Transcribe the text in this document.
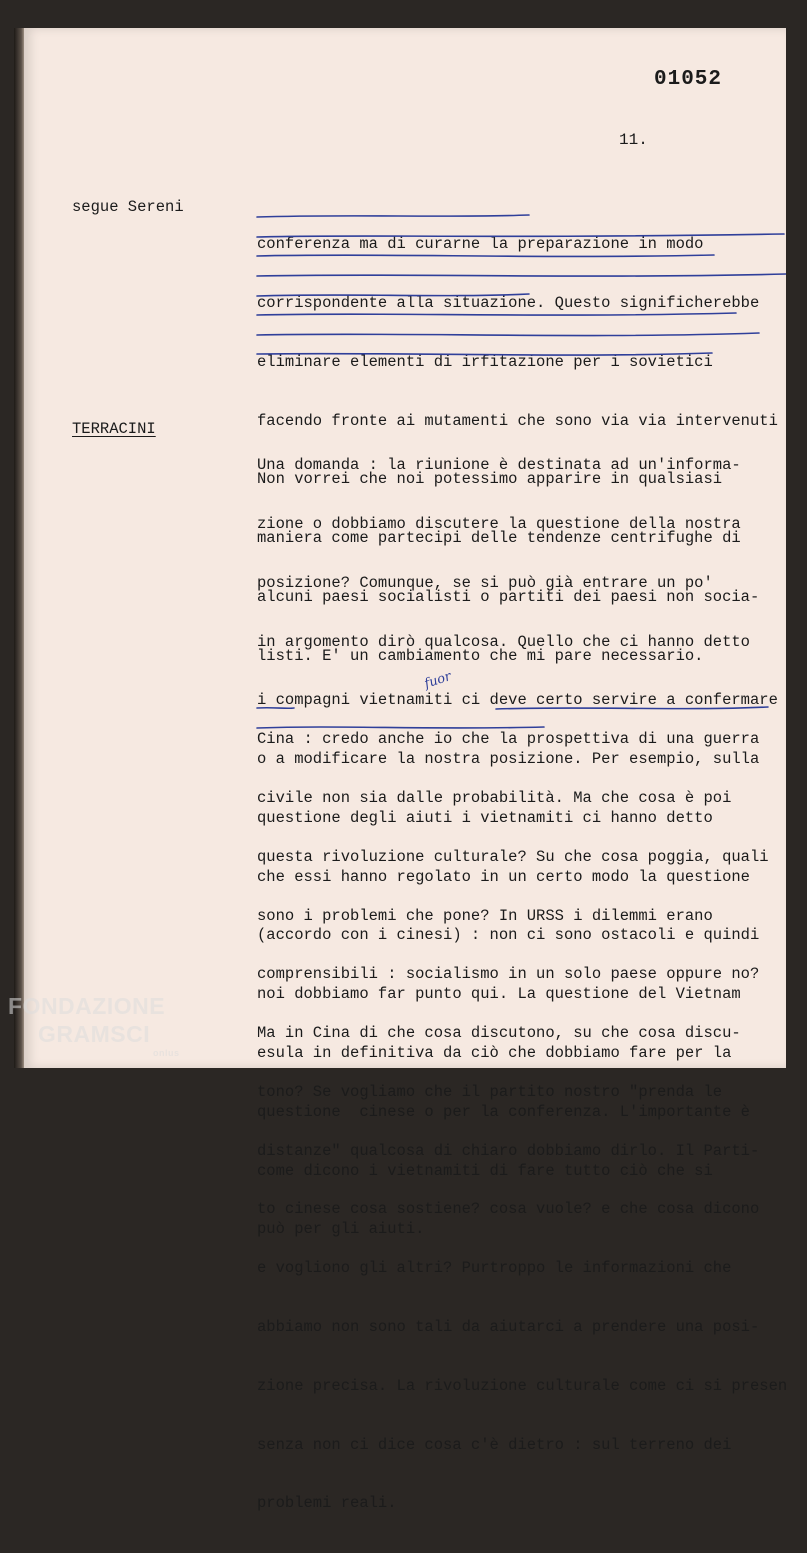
01052
11.
segue Sereni

conferenza ma di curarne la preparazione in modo

corrispondente alla situazione. Questo significherebbe

eliminare elementi di irfitazione per i sovietici

facendo fronte ai mutamenti che sono via via intervenuti

Non vorrei che noi potessimo apparire in qualsiasi

maniera come partecipi delle tendenze centrifughe di

alcuni paesi socialisti o partiti dei paesi non socia-

listi. E' un cambiamento che mi pare necessario.

TERRACINI

Una domanda : la riunione è destinata ad un'informa-

zione o dobbiamo discutere la questione della nostra

posizione? Comunque, se si può già entrare un po'

in argomento dirò qualcosa. Quello che ci hanno detto

i compagni vietnamiti ci deve certo servire a confermare

o a modificare la nostra posizione. Per esempio, sulla

questione degli aiuti i vietnamiti ci hanno detto

che essi hanno regolato in un certo modo la questione

(accordo con i cinesi) : non ci sono ostacoli e quindi

noi dobbiamo far punto qui. La questione del Vietnam

esula in definitiva da ciò che dobbiamo fare per la

questione  cinese o per la conferenza. L'importante è

come dicono i vietnamiti di fare tutto ciò che si

può per gli aiuti.

Cina : credo anche io che la prospettiva di una guerra

civile non sia dalle probabilità. Ma che cosa è poi

questa rivoluzione culturale? Su che cosa poggia, quali

sono i problemi che pone? In URSS i dilemmi erano

comprensibili : socialismo in un solo paese oppure no?

Ma in Cina di che cosa discutono, su che cosa discu-

tono? Se vogliamo che il partito nostro "prenda le

distanze" qualcosa di chiaro dobbiamo dirlo. Il Parti-

to cinese cosa sostiene? cosa vuole? e che cosa dicono

e vogliono gli altri? Purtroppo le informazioni che

abbiamo non sono tali da aiutarci a prendere una posi-

zione precisa. La rivoluzione culturale come ci si presen

senza non ci dice cosa c'è dietro : sul terreno dei

problemi reali.

fuor
FONDAZIONE
GRAMSCI
onlus
